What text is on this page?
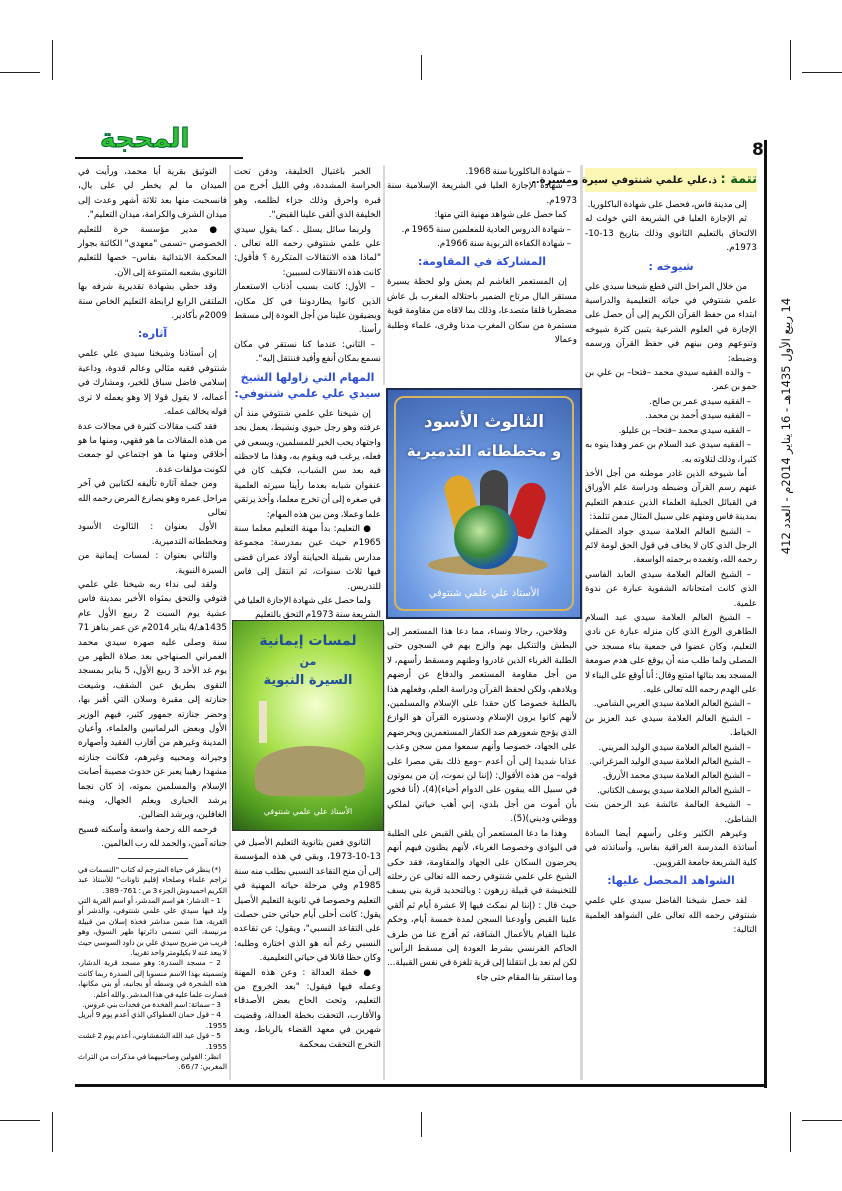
المحجة	8
14 ربيع الأول 1435هـ - 16 يناير 2014م - العدد 412
تتمة : ذ.علي علمي شنتوفي سيرة ومسيرة..

إلى مدينة فاس، فحصل على شهادة الباكلوريا.

ثم الإجازة العليا في الشريعة التي خولت له الالتحاق بالتعليم الثانوي وذلك بتاريخ 13-10-1973م.

شيوخه :

من خلال المراحل التي قطع شيخنا سيدي علي علمي شنتوفي في حياته التعليمية والدراسية ابتداء من حفظ القرآن الكريم إلى أن حصل على الإجازة في العلوم الشرعية يتبين كثرة شيوخه وتنوعهم ومن بينهم في حفظ القرآن ورسمه وضبطه:

– والده الفقيه سيدي محمد –فتحا– بن علي بن حمو بن عمر.

– الفقيه سيدي عمر بن صالح.

– الفقيه سيدي أحمد بن محمد.

– الفقيه سيدي محمد –فتحا– بن عليلو.

– الفقيه سيدي عبد السلام بن عمر وهذا ينوه به كثيرا، وذلك لتلاوته به.

أما شيوخه الذين غادر موطنه من أجل الأخذ عنهم رسم القرآن وضبطه ودراسة علم الأوراق في القبائل الجبلية العلماء الذين عندهم التعليم بمدينة فاس ومنهم على سبيل المثال ممن تتلمذ:

– الشيخ العالم العلامة سيدي جواد الصقلي الرجل الذي كان لا يخاف في قول الحق لومة لائم رحمه الله، وتغمده برحمته الواسعة.

– الشيخ العالم العلامة سيدي العابد الفاسي الذي كانت امتحاناته الشفوية عبارة عن ندوة علمية.

– الشيخ العالم العلامة سيدي عبد السلام الطاهري الورع الذي كان منزله عبارة عن نادي التعليم، وكان عضوا في جمعية بناء مسجد حي المصلى ولما طلب منه أن يوقع على هدم صومعة المسجد بعد بنائها امتنع وقال: أنا أوقع على البناء لا على الهدم رحمه الله تعالى عليه.

– الشيخ العالم العلامة سيدي العربي الشامي.

– الشيخ العالم العلامة سيدي عبد العزيز بن الخياط.

– الشيخ العالم العلامة سيدي الوليد المريني.

– الشيخ العالم العلامة سيدي الوليد المزغراني.

– الشيخ العالم العلامة سيدي محمد الأزرق.

– الشيخ العالم العلامة سيدي يوسف الكتاني.

– الشيخة العالمة عائشة عبد الرحمن بنت الشاطئ.

وغيرهم الكثير وعلى رأسهم أيضا السادة أساتذة المدرسة العراقية بفاس، وأساتذته في كلية الشريعة جامعة القرويين.

الشواهد المحصل عليها:

لقد حصل شيخنا الفاضل سيدي علي علمي شنتوفي رحمه الله تعالى على الشواهد العلمية التالية:

– شهادة الباكلوريا سنة 1968.

– شهادة الإجازة العليا في الشريعة الإسلامية سنة 1973م.

كما حصل على شواهد مهنية التي منها:

– شهادة الدروس العادية للمعلمين سنة 1965 م.

– شهادة الكفاءة التربوية سنة 1966م.

المشاركة في المقاومة:

إن المستعمر الغاشم لم يعش ولو لحظة يسيرة مستقر البال مرتاح الضمير باحتلاله المغرب بل عاش مضطربا قلقا متصدعا، وذلك بما لاقاه من مقاومة قوية مستمرة من سكان المغرب مدنا وقرى، علماء وطلبة وعمالا

وفلاحين، رجالا ونساء، مما دعا هذا المستعمر إلى البطش والتنكيل بهم والزج بهم في السجون حتى الطلبة الغرباء الذين غادروا وطنهم ومسقط رأسهم، لا من أجل مقاومة المستعمر والدفاع عن أرضهم وبلادهم، ولكن لحفظ القرآن ودراسة العلم، وفعلهم هذا بالطلبة خصوصا كان حقدا على الإسلام والمسلمين، لأنهم كانوا يرون الإسلام ودستوره القرآن هو الوازع الذي يؤجج شعورهم ضد الكفار المستعمرين ويحرضهم على الجهاد، خصوصا وأنهم سمعوا ممن سجن وعذب عذابا شديدا إلى أن أعدم –ومع ذلك بقي مصرا على قوله– من هذه الأقوال: (إننا لن نموت، إن من يموتون في سبيل الله يبقون على الدوام أحياء)(4)، (أنا فخور بأن أموت من أجل بلدي، إني أهب حياتي لملكي ووطني وديني)(5).

وهذا ما دعا المستعمر أن يلقي القبض على الطلبة في البوادي وخصوصا الغرباء، لأنهم يظنون فيهم أنهم يحرضون السكان على الجهاد والمقاومة، فقد حكى الشيخ علي علمي شنتوفي رحمه الله تعالى عن رحلته للتخنيشة في قبيلة زرهون : وبالتحديد قرية بني يسف حيث قال : (إننا لم نمكث فيها إلا عشرة أيام ثم ألقي علينا القبض وأودعنا السجن لمدة خمسة أيام، وحكم علينا القيام بالأعمال الشاقة، ثم أفرج عنا من طرف الحاكم الفرنسي بشرط العودة إلى مسقط الرأس، لكن لم نعد بل انتقلنا إلى قرية تلغزة في نفس القبيلة... وما استقر بنا المقام حتى جاء

الخبر باغتيال الخليفة، ودفن تحت الحراسة المشددة، وفي الليل أخرج من قبره واحرق وذلك جزاء لظلمه، وهو الخليفة الذي ألقى علينا القبض".

ولربما سائل يسئل . كما يقول سيدي علي علمي شنتوفي رحمه الله تعالى . "لماذا هذه الانتقالات المتكررة ؟ فأقول: كانت هذه الانتقالات لسببين:

– الأول: كانت بسبب أذناب الاستعمار الذين كانوا يطاردوننا في كل مكان، ويضيقون علينا من أجل العودة إلى مسقط رأسنا.

– الثاني: عندما كنا نستقر في مكان نسمع بمكان أنفع وأفيد فننتقل إليه".

المهام التي زاولها الشيخ سيدي علي علمي شنتوفي:

إن شيخنا علي علمي شنتوفي منذ أن عرفته وهو رجل حيوي ونشيط، يعمل بجد واجتهاد يحب الخير للمسلمين، ويسعى في فعله، يرغب فيه ويقوم به، وهذا ما لاحظته فيه بعد سن الشباب، فكيف كان في عنفوان شبابه بعدما رأينا سيرته العلمية في صغره إلى أن تخرج معلما، وأخذ يرتقي علما وعملا، ومن بين هذه المهام:

● التعليم: بدأ مهنة التعليم معلما سنة 1965م حيث عين بمدرسة: مجموعة مدارس بقبيلة الحياينة أولاد عمران قضى فيها ثلاث سنوات، ثم انتقل إلى فاس للتدريس.

ولما حصل على شهادة الإجازة العليا في الشريعة سنة 1973م التحق بالتعليم

الثانوي فعين بثانوية التعليم الأصيل في 13-10-1973، وبقي في هذه المؤسسة إلى أن منح التقاعد النسبي بطلب منه سنة 1985م وفي مرحلة حياته المهنية في التعليم وخصوصا في ثانوية التعليم الأصيل يقول: كانت أحلى أيام حياتي حتى حصلت على التقاعد النسبي"، ويقول: عن تقاعده النسبي رغم أنه هو الذي اختاره وطلبه: وكان حظا قاتلا في حياتي التعليمية.

● خطة العدالة : وعن هذه المهنة وعمله فيها فيقول: "بعد الخروج من التعليم، وتحت الحاح بعض الأصدقاء والأقارب، التحقت بخطة العدالة، وقضيت شهرين في معهد القضاء بالرباط، وبعد التخرج التحقت بمحكمة

التوثيق بقرية أبا محمد، ورأيت في الميدان ما لم يخطر لي على بال، فانسحبت منها بعد ثلاثة أشهر وعدت إلى ميدان الشرف والكرامة، ميدان التعليم".

● مدير مؤسسة حرة للتعليم الخصوصي –تسمى "معهدي" الكائنة بجوار المحكمة الابتدائية بفاس– خصها للتعليم الثانوي بشعبه المتنوعة إلى الآن.

وقد حظي بشهادة تقديرية شرفه بها الملتقى الرابع لرابطة التعليم الخاص سنة 2009م بأكادير.

آثاره:

إن أستاذنا وشيخنا سيدي علي علمي شنتوفي فقيه مثالي وعالم قدوة، وداعية إسلامي فاضل سباق للخير، ومشارك في أعماله، لا يقول قولا إلا وهو يعمله لا ترى قوله يخالف عمله.

فقد كتب مقالات كثيرة في مجالات عدة من هذه المقالات ما هو فقهي، ومنها ما هو أخلاقي ومنها ما هو اجتماعي لو جمعت لكونت مؤلفات عدة.

ومن جملة آثاره تأليفه لكتابين في آخر مراحل عمره وهو يصارع المرض رحمه الله تعالى

الأول بعنوان : الثالوث الأسود ومخططاته التدميرية.

والثاني بعنوان : لمسات إيمانية من السيرة النبوية.

ولقد لبى نداء ربه شيخنا علي علمي فتوفي والتحق بمثواه الأخير بمدينة فاس عشية يوم السبت 2 ربيع الأول عام 1435هـ/4 يناير 2014م عن عمر يناهز 71 سنة وصلى عليه صهره سيدي محمد العمراني الصنهاجي بعد صلاة الظهر من يوم غد الأحد 3 ربيع الأول، 5 يناير بمسجد التقوى بطريق عين الشقف، وشيعت جنازته إلى مقبرة وسلان التي أقبر بها، وحضر جنازته جمهور كثير، فيهم الوزير الأول وبعض البرلمانيين والعلماء، وأعيان المدينة وغيرهم من أقارب الفقيد وأصهاره وجيرانه ومحبيه وغيرهم، فكانت جنازته مشهدا رهيبا يعبر عن حدوث مصيبة أصابت الإسلام والمسلمين بموته، إذ كان نجما يرشد الحيارى ويعلم الجهال، وينبه الغافلين، ويرشد الضالين.

فرحمه الله رحمة واسعة وأسكنه فسيح جناته آمين، والحمد لله رب العالمين.

(*) ينظر في حياة المترجم له كتاب "النسمات في تراجم علماء وصلحاء إقليم تاونات" للأستاذ عبد الكريم احميدوش الجزء 3 ص : 761- 389.

1 – الدشار: هو اسم المدشر، أو اسم القرية التي ولد فيها سيدي علي علمي شنتوفي، والدشر أو القرية، هذا ضمن مداشر فخذة إسلان من قبيلة مرنيسة، التي تسمى دائرتها ظهر السوق، وهو قريب من ضريح سيدي علي بن داود السوسي حيث لا يبعد عنه لا بكيلومتر واحد تقريبا.

2 – مسجد السدرة: وهو مسجد قرية الدشار، وتسميته بهذا الاسم منسوبا إلى السدرة ربما كانت هذه الشجرة في وسطه أو بجانبه، أو بني مكانها، فصارت علما عليه في هذا المدشر. والله أعلم.

3 – سماتة: اسم الفخدة من فخدات بني عروس.

4 – قول حمان الفطواكي الذي أعدم يوم 9 أبريل 1955.

5 – قول عبد الله الشفشاوني، أعدم يوم 2 غشت 1955.

انظر: القولين وصاحبيهما في مذكرات من التراث المغربي: 7/ 66.

الثالوث الأسود
و مخططاته التدميرية
الأستاذ علي علمي شنتوفي
لمسات إيمانية
من
السيرة النبوية
الأستاذ علي علمي شنتوفي
